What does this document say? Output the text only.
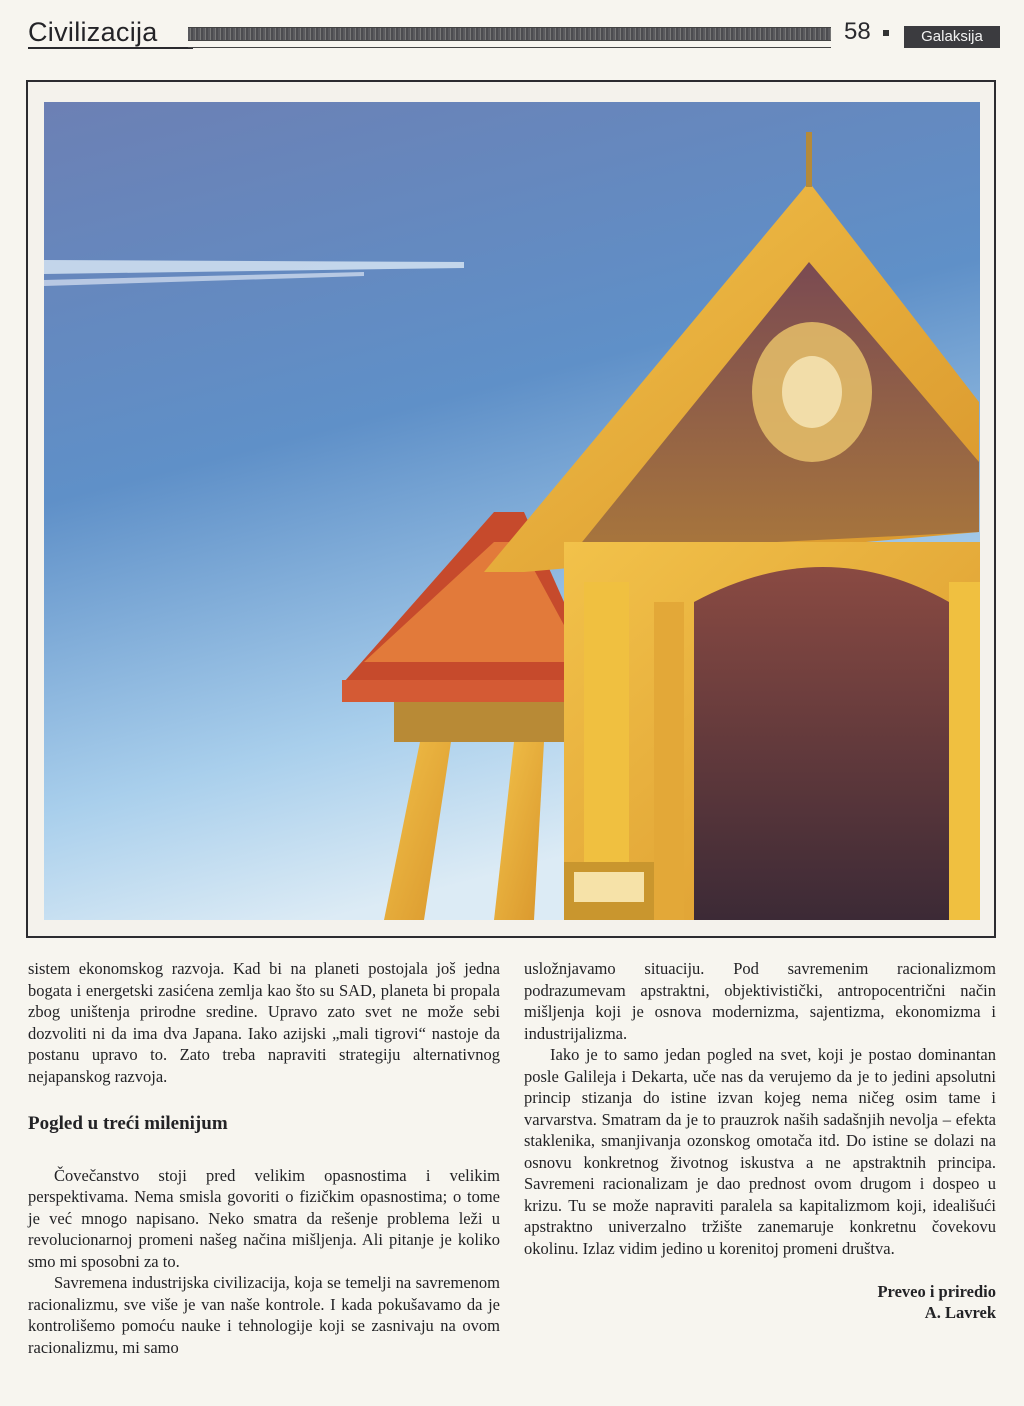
Civilizacija	58	Galaksija

sistem ekonomskog razvoja. Kad bi na planeti postojala još jedna bogata i energetski zasićena zemlja kao što su SAD, planeta bi propala zbog uništenja prirodne sredine. Upravo zato svet ne može sebi dozvoliti ni da ima dva Japana. Iako azijski „mali tigrovi“ nastoje da postanu upravo to. Zato treba napraviti strategiju alternativnog nejapanskog razvoja.

Pogled u treći milenijum

Čovečanstvo stoji pred velikim opasnostima i velikim perspektivama. Nema smisla govoriti o fizičkim opasnostima; o tome je već mnogo napisano. Neko smatra da rešenje problema leži u revolucionarnoj promeni našeg načina mišljenja. Ali pitanje je koliko smo mi sposobni za to.

Savremena industrijska civilizacija, koja se temelji na savremenom racionalizmu, sve više je van naše kontrole. I kada pokušavamo da je kontrolišemo pomoću nauke i tehnologije koji se zasnivaju na ovom racionalizmu, mi samo

usložnjavamo situaciju. Pod savremenim racionalizmom podrazumevam apstraktni, objektivistički, antropocentrični način mišljenja koji je osnova modernizma, sajentizma, ekonomizma i industrijalizma.

Iako je to samo jedan pogled na svet, koji je postao dominantan posle Galileja i Dekarta, uče nas da verujemo da je to jedini apsolutni princip stizanja do istine izvan kojeg nema ničeg osim tame i varvarstva. Smatram da je to prauzrok naših sadašnjih nevolja – efekta staklenika, smanjivanja ozonskog omotača itd. Do istine se dolazi na osnovu konkretnog životnog iskustva a ne apstraktnih principa. Savremeni racionalizam je dao prednost ovom drugom i dospeo u krizu. Tu se može napraviti paralela sa kapitalizmom koji, ideališući apstraktno univerzalno tržište zanemaruje konkretnu čovekovu okolinu. Izlaz vidim jedino u korenitoj promeni društva.

Preveo i priredio
A. Lavrek
